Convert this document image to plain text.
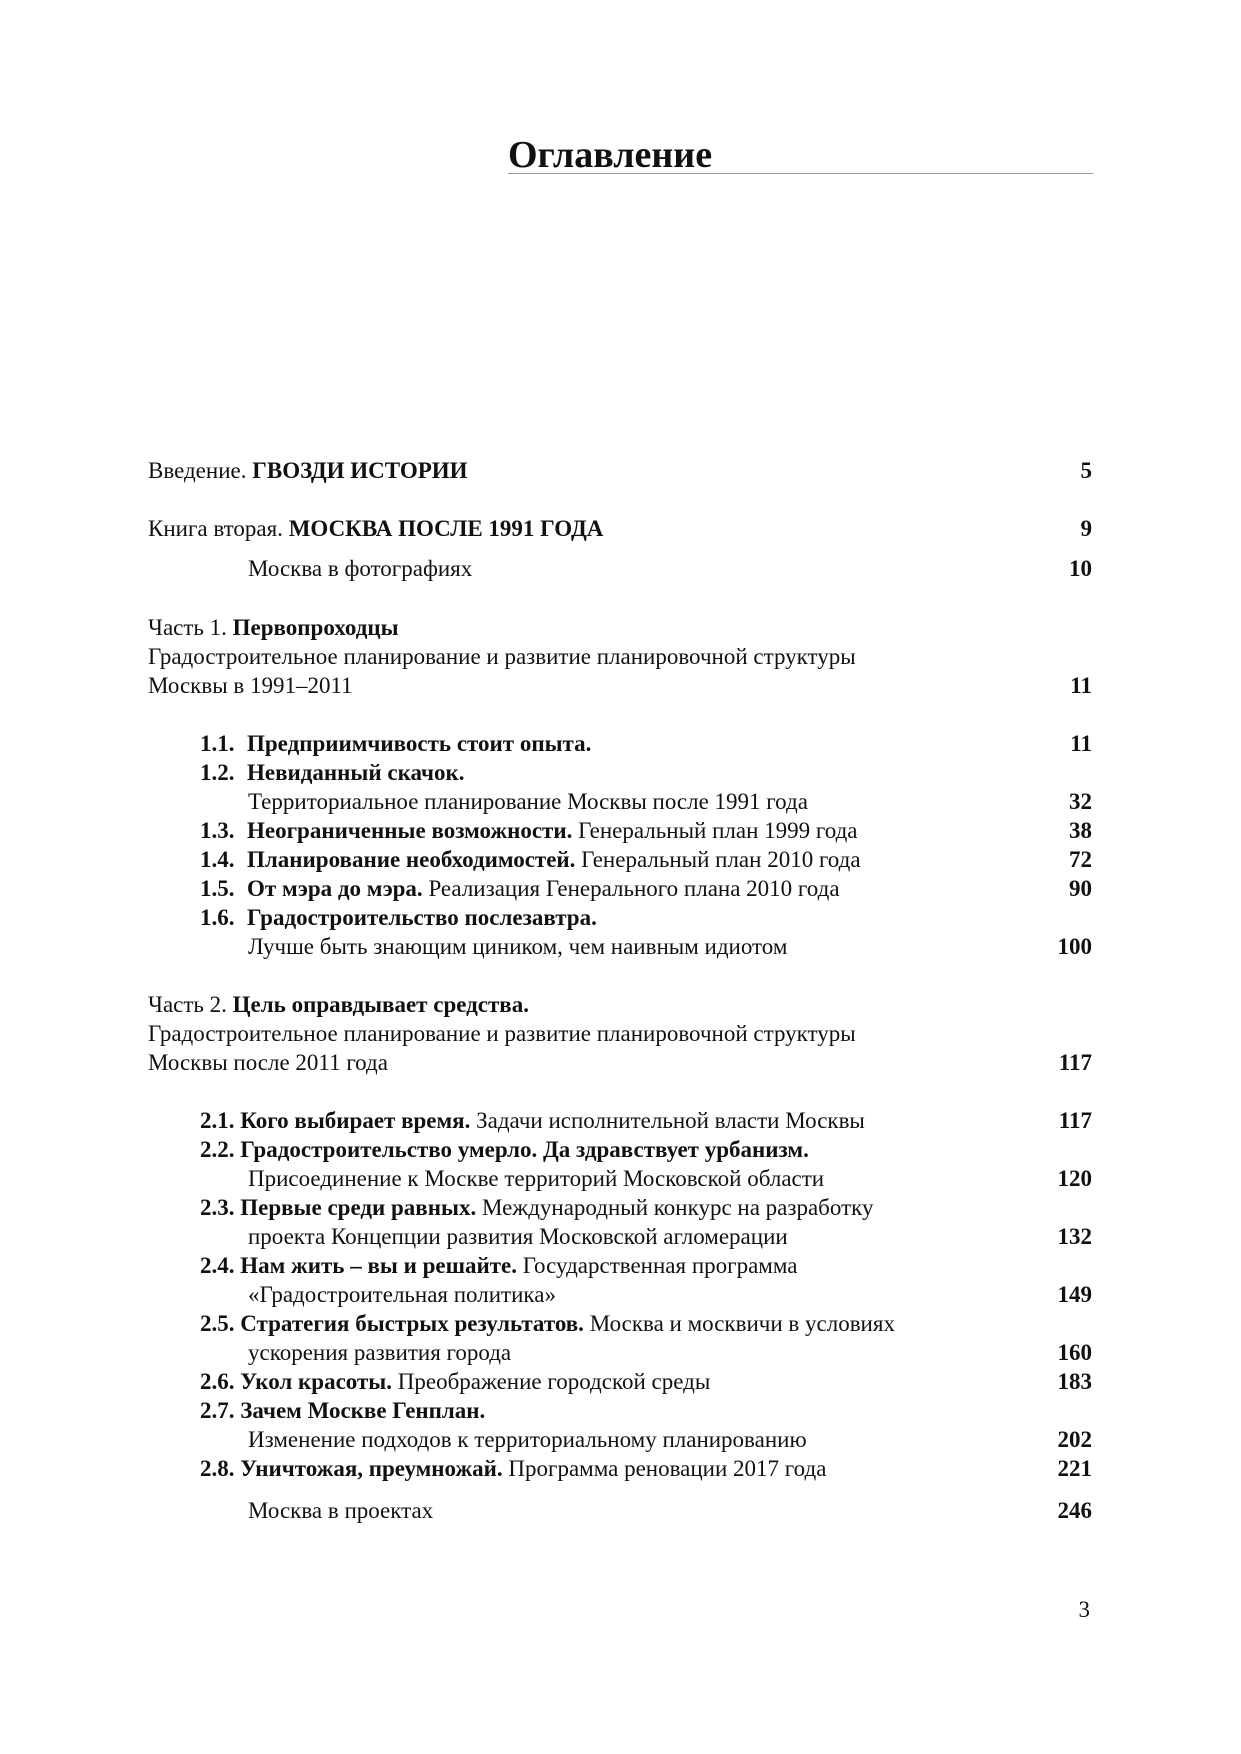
Оглавление
Введение. ГВОЗДИ ИСТОРИИ	5
Книга вторая. МОСКВА ПОСЛЕ 1991 ГОДА	9
Москва в фотографиях	10
Часть 1. Первопроходцы
Градостроительное планирование и развитие планировочной структуры
Москвы в 1991–2011	11
1.1. Предприимчивость стоит опыта.	11
1.2. Невиданный скачок.
Территориальное планирование Москвы после 1991 года	32
1.3. Неограниченные возможности. Генеральный план 1999 года	38
1.4. Планирование необходимостей. Генеральный план 2010 года	72
1.5. От мэра до мэра. Реализация Генерального плана 2010 года	90
1.6. Градостроительство послезавтра.
Лучше быть знающим циником, чем наивным идиотом	100
Часть 2. Цель оправдывает средства.
Градостроительное планирование и развитие планировочной структуры
Москвы после 2011 года	117
2.1. Кого выбирает время. Задачи исполнительной власти Москвы	117
2.2. Градостроительство умерло. Да здравствует урбанизм.
Присоединение к Москве территорий Московской области	120
2.3. Первые среди равных. Международный конкурс на разработку
проекта Концепции развития Московской агломерации	132
2.4. Нам жить – вы и решайте. Государственная программа
«Градостроительная политика»	149
2.5. Стратегия быстрых результатов. Москва и москвичи в условиях
ускорения развития города	160
2.6. Укол красоты. Преображение городской среды	183
2.7. Зачем Москве Генплан.
Изменение подходов к территориальному планированию	202
2.8. Уничтожая, преумножай. Программа реновации 2017 года	221
Москва в проектах	246
3
